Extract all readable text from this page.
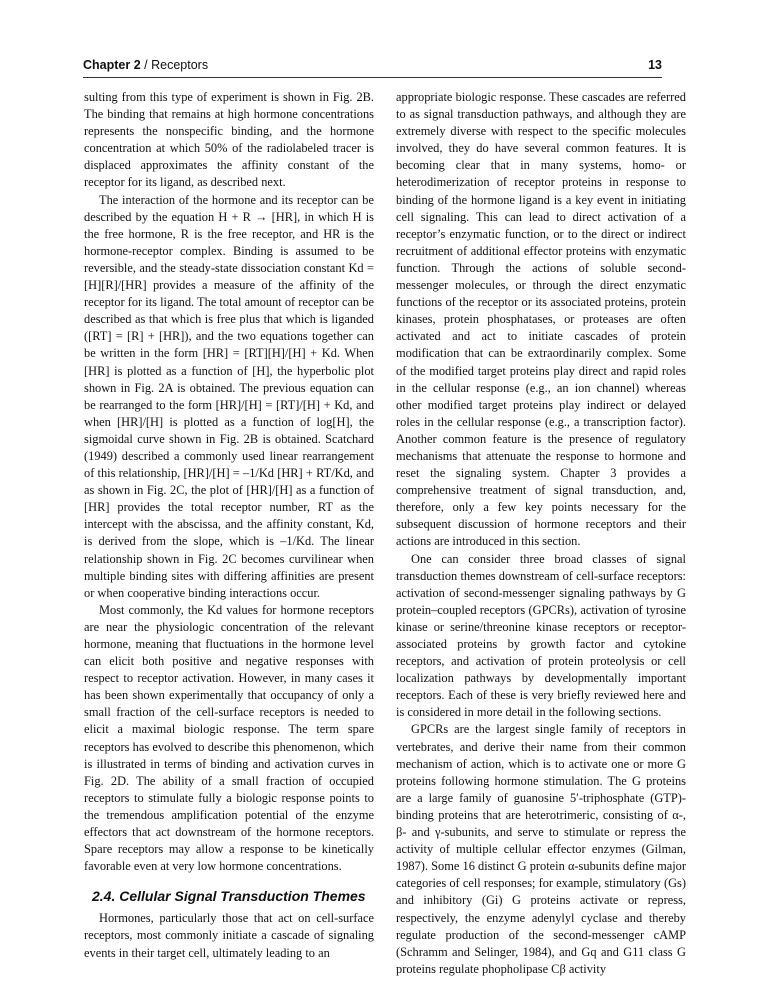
Chapter 2 / Receptors	13

sulting from this type of experiment is shown in Fig. 2B. The binding that remains at high hormone concentrations represents the nonspecific binding, and the hormone concentration at which 50% of the radiolabeled tracer is displaced approximates the affinity constant of the receptor for its ligand, as described next.

The interaction of the hormone and its receptor can be described by the equation H + R → [HR], in which H is the free hormone, R is the free receptor, and HR is the hormone-receptor complex. Binding is assumed to be reversible, and the steady-state dissociation constant Kd = [H][R]/[HR] provides a measure of the affinity of the receptor for its ligand. The total amount of receptor can be described as that which is free plus that which is liganded ([RT] = [R] + [HR]), and the two equations together can be written in the form [HR] = [RT][H]/[H] + Kd. When [HR] is plotted as a function of [H], the hyperbolic plot shown in Fig. 2A is obtained. The previous equation can be rearranged to the form [HR]/[H] = [RT]/[H] + Kd, and when [HR]/[H] is plotted as a function of log[H], the sigmoidal curve shown in Fig. 2B is obtained. Scatchard (1949) described a commonly used linear rearrangement of this relationship, [HR]/[H] = –1/Kd [HR] + RT/Kd, and as shown in Fig. 2C, the plot of [HR]/[H] as a function of [HR] provides the total receptor number, RT as the intercept with the abscissa, and the affinity constant, Kd, is derived from the slope, which is –1/Kd. The linear relationship shown in Fig. 2C becomes curvilinear when multiple binding sites with differing affinities are present or when cooperative binding interactions occur.

Most commonly, the Kd values for hormone receptors are near the physiologic concentration of the relevant hormone, meaning that fluctuations in the hormone level can elicit both positive and negative responses with respect to receptor activation. However, in many cases it has been shown experimentally that occupancy of only a small fraction of the cell-surface receptors is needed to elicit a maximal biologic response. The term spare receptors has evolved to describe this phenomenon, which is illustrated in terms of binding and activation curves in Fig. 2D. The ability of a small fraction of occupied receptors to stimulate fully a biologic response points to the tremendous amplification potential of the enzyme effectors that act downstream of the hormone receptors. Spare receptors may allow a response to be kinetically favorable even at very low hormone concentrations.

2.4. Cellular Signal Transduction Themes

Hormones, particularly those that act on cell-surface receptors, most commonly initiate a cascade of signaling events in their target cell, ultimately leading to an

appropriate biologic response. These cascades are referred to as signal transduction pathways, and although they are extremely diverse with respect to the specific molecules involved, they do have several common features. It is becoming clear that in many systems, homo- or heterodimerization of receptor proteins in response to binding of the hormone ligand is a key event in initiating cell signaling. This can lead to direct activation of a receptor’s enzymatic function, or to the direct or indirect recruitment of additional effector proteins with enzymatic function. Through the actions of soluble second-messenger molecules, or through the direct enzymatic functions of the receptor or its associated proteins, protein kinases, protein phosphatases, or proteases are often activated and act to initiate cascades of protein modification that can be extraordinarily complex. Some of the modified target proteins play direct and rapid roles in the cellular response (e.g., an ion channel) whereas other modified target proteins play indirect or delayed roles in the cellular response (e.g., a transcription factor). Another common feature is the presence of regulatory mechanisms that attenuate the response to hormone and reset the signaling system. Chapter 3 provides a comprehensive treatment of signal transduction, and, therefore, only a few key points necessary for the subsequent discussion of hormone receptors and their actions are introduced in this section.

One can consider three broad classes of signal transduction themes downstream of cell-surface receptors: activation of second-messenger signaling pathways by G protein–coupled receptors (GPCRs), activation of tyrosine kinase or serine/threonine kinase receptors or receptor-associated proteins by growth factor and cytokine receptors, and activation of protein proteolysis or cell localization pathways by developmentally important receptors. Each of these is very briefly reviewed here and is considered in more detail in the following sections.

GPCRs are the largest single family of receptors in vertebrates, and derive their name from their common mechanism of action, which is to activate one or more G proteins following hormone stimulation. The G proteins are a large family of guanosine 5′-triphosphate (GTP)-binding proteins that are heterotrimeric, consisting of α-, β- and γ-subunits, and serve to stimulate or repress the activity of multiple cellular effector enzymes (Gilman, 1987). Some 16 distinct G protein α-subunits define major categories of cell responses; for example, stimulatory (Gs) and inhibitory (Gi) G proteins activate or repress, respectively, the enzyme adenylyl cyclase and thereby regulate production of the second-messenger cAMP (Schramm and Selinger, 1984), and Gq and G11 class G proteins regulate phopholipase Cβ activity
